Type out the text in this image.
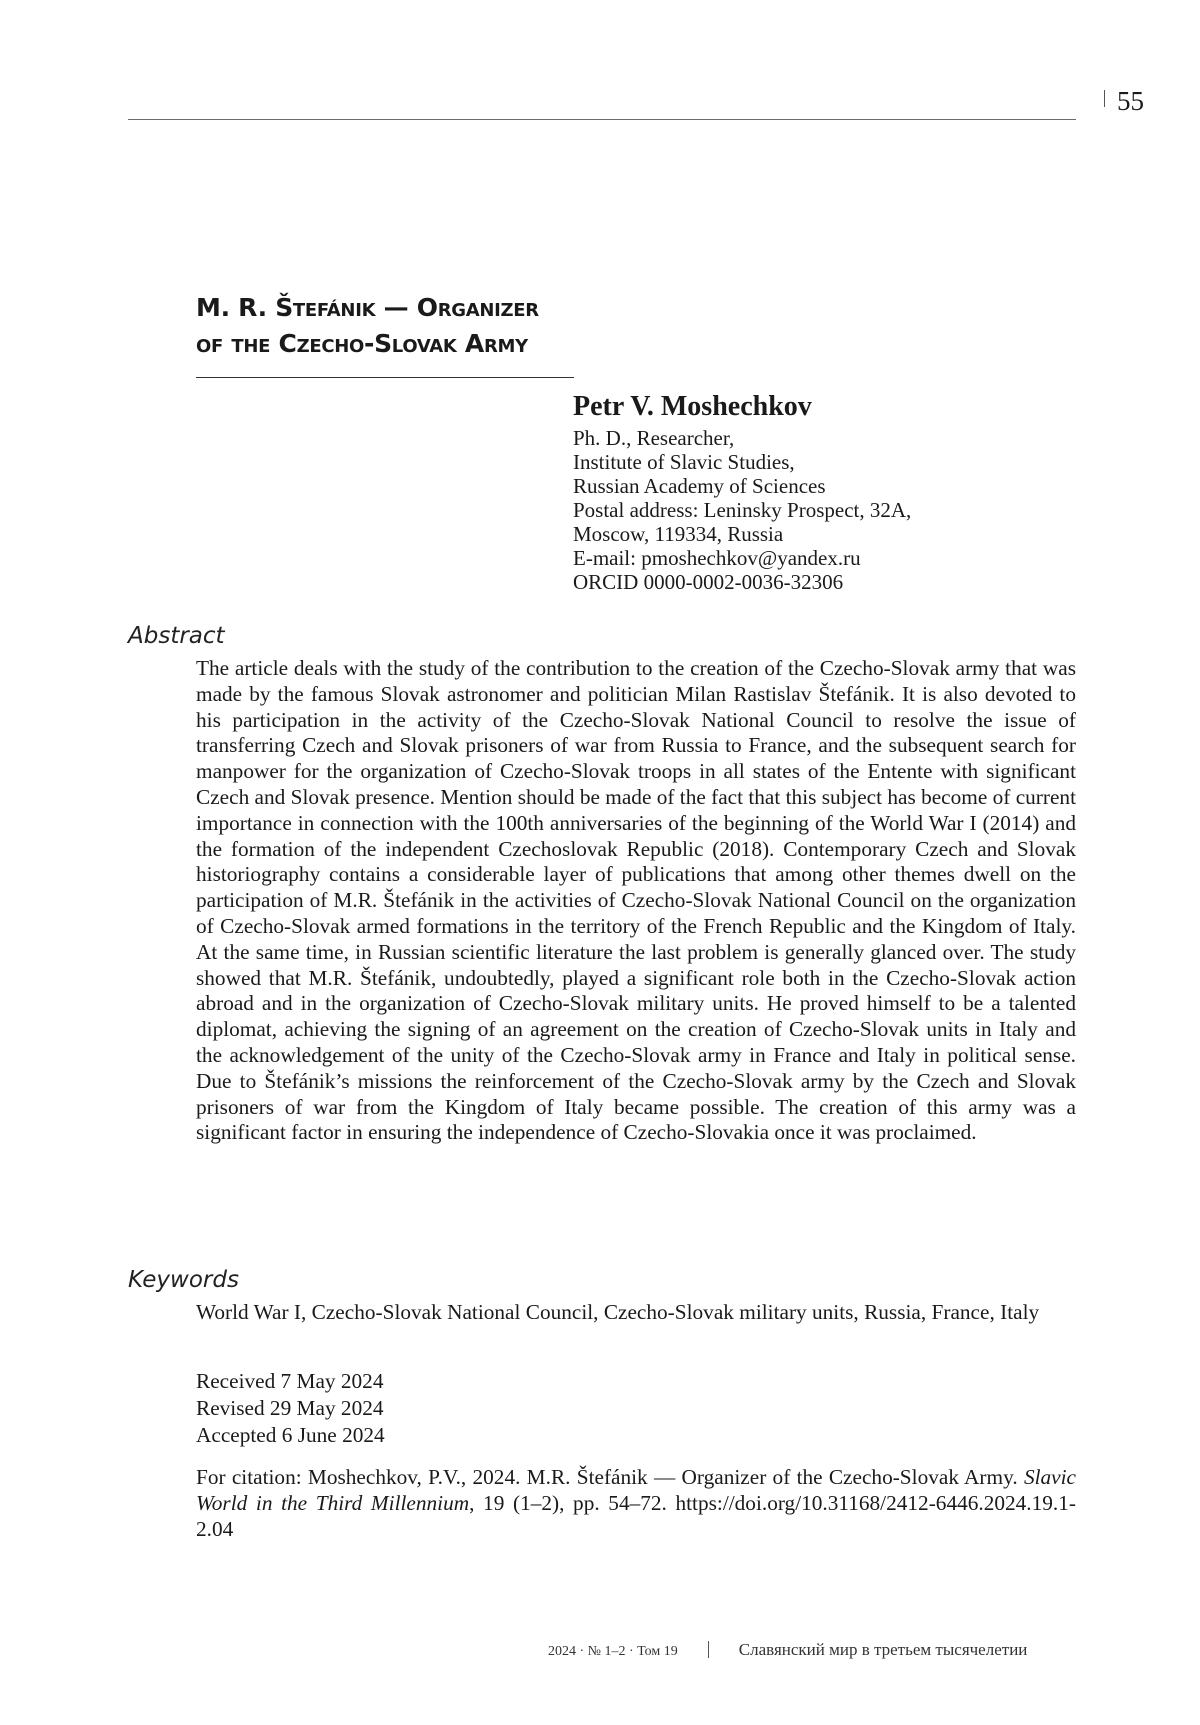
55
M. R. Štefánik — Organizer
of the Czecho-Slovak Army
Petr V. Moshechkov
Ph. D., Researcher,
Institute of Slavic Studies,
Russian Academy of Sciences
Postal address: Leninsky Prospect, 32A,
Moscow, 119334, Russia
E-mail: pmoshechkov@yandex.ru
ORCID 0000-0002-0036-32306
Abstract
The article deals with the study of the contribution to the creation of the Czecho-Slovak army that was made by the famous Slovak astronomer and politician Milan Rastislav Štefánik. It is also devoted to his participation in the activity of the Czecho-Slovak National Council to resolve the issue of transferring Czech and Slovak prisoners of war from Russia to France, and the subsequent search for manpower for the organization of Czecho-Slovak troops in all states of the Entente with significant Czech and Slovak presence. Mention should be made of the fact that this subject has become of current importance in connection with the 100th anniversaries of the beginning of the World War I (2014) and the formation of the independent Czechoslovak Republic (2018). Contemporary Czech and Slovak historiography contains a considerable layer of publications that among other themes dwell on the participation of M.R. Štefánik in the activities of Czecho-Slovak National Council on the organization of Czecho-Slovak armed formations in the territory of the French Republic and the Kingdom of Italy. At the same time, in Russian scientific literature the last problem is generally glanced over. The study showed that M.R. Štefánik, undoubtedly, played a significant role both in the Czecho-Slovak action abroad and in the organization of Czecho-Slovak military units. He proved himself to be a talented diplomat, achieving the signing of an agreement on the creation of Czecho-Slovak units in Italy and the acknowledgement of the unity of the Czecho-Slovak army in France and Italy in political sense. Due to Štefánik’s missions the reinforcement of the Czecho-Slovak army by the Czech and Slovak prisoners of war from the Kingdom of Italy became possible. The creation of this army was a significant factor in ensuring the independence of Czecho-Slovakia once it was proclaimed.
Keywords
World War I, Czecho-Slovak National Council, Czecho-Slovak military units, Russia, France, Italy
Received 7 May 2024
Revised 29 May 2024
Accepted 6 June 2024
For citation: Moshechkov, P.V., 2024. M.R. Štefánik — Organizer of the Czecho-Slovak Army. Slavic World in the Third Millennium, 19 (1–2), pp. 54–72. https://doi.org/10.31168/2412-6446.2024.19.1-2.04
2024 · № 1–2 · Том 19	Славянский мир в третьем тысячелетии
